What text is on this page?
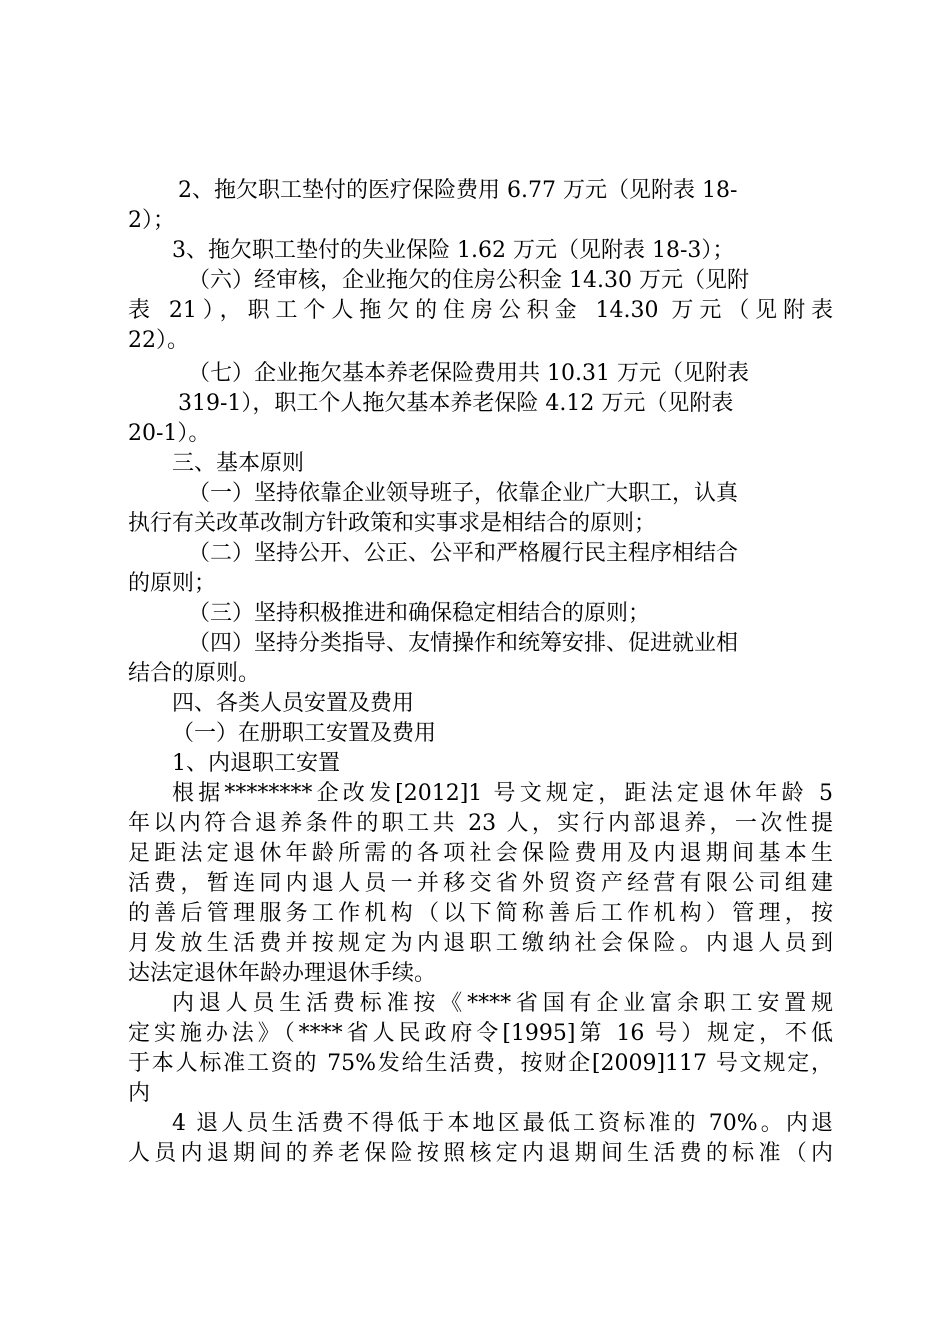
2、拖欠职工垫付的医疗保险费用 6.77 万元（见附表 18-
2）；
3、拖欠职工垫付的失业保险 1.62 万元（见附表 18-3）；
（六）经审核，企业拖欠的住房公积金 14.30 万元（见附
表 21），职工个人拖欠的住房公积金 14.30 万元（见附表
22）。
（七）企业拖欠基本养老保险费用共 10.31 万元（见附表
319-1），职工个人拖欠基本养老保险 4.12 万元（见附表
20-1）。
三、基本原则
（一）坚持依靠企业领导班子，依靠企业广大职工，认真
执行有关改革改制方针政策和实事求是相结合的原则；
（二）坚持公开、公正、公平和严格履行民主程序相结合
的原则；
（三）坚持积极推进和确保稳定相结合的原则；
（四）坚持分类指导、友情操作和统筹安排、促进就业相
结合的原则。
四、各类人员安置及费用
（一）在册职工安置及费用
1、内退职工安置
根据********企改发[2012]1 号文规定，距法定退休年龄 5
年以内符合退养条件的职工共 23 人，实行内部退养，一次性提
足距法定退休年龄所需的各项社会保险费用及内退期间基本生
活费，暂连同内退人员一并移交省外贸资产经营有限公司组建
的善后管理服务工作机构（以下简称善后工作机构）管理，按
月发放生活费并按规定为内退职工缴纳社会保险。内退人员到
达法定退休年龄办理退休手续。
内退人员生活费标准按《****省国有企业富余职工安置规
定实施办法》（****省人民政府令[1995]第 16 号）规定，不低
于本人标准工资的 75%发给生活费，按财企[2009]117 号文规定，
内
4 退人员生活费不得低于本地区最低工资标准的 70%。内退
人员内退期间的养老保险按照核定内退期间生活费的标准（内
